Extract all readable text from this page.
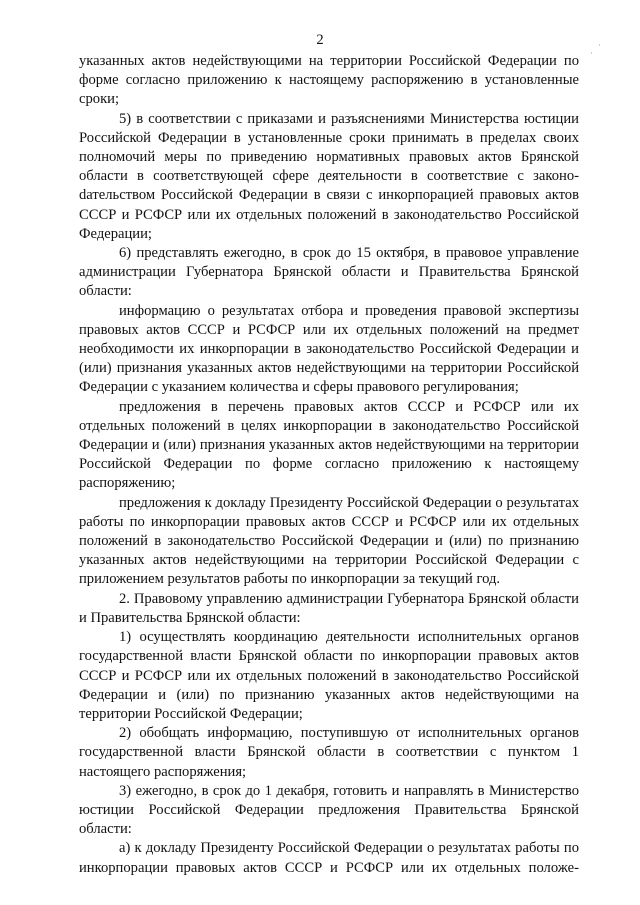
2	·
·

указанных актов недействующими на территории Российской Федерации по форме согласно приложению к настоящему распоряжению в установленные сроки;

5) в соответствии с приказами и разъяснениями Министерства юстиции Российской Федерации в установленные сроки принимать в пределах своих полномочий меры по приведению нормативных правовых актов Брянской области в соответствующей сфере деятельности в соответствие с законоdательством Российской Федерации в связи с инкорпорацией правовых актов СССР и РСФСР или их отдельных положений в законодательство Российской Федерации;

6) представлять ежегодно, в срок до 15 октября, в правовое управление администрации Губернатора Брянской области и Правительства Брянской области:

информацию о результатах отбора и проведения правовой экспертизы правовых актов СССР и РСФСР или их отдельных положений на предмет необходимости их инкорпорации в законодательство Российской Федерации и (или) признания указанных актов недействующими на территории Российской Федерации с указанием количества и сферы правового регулирования;

предложения в перечень правовых актов СССР и РСФСР или их отдельных положений в целях инкорпорации в законодательство Российской Федерации и (или) признания указанных актов недействующими на территории Российской Федерации по форме согласно приложению к настоящему распоряжению;

предложения к докладу Президенту Российской Федерации о результатах работы по инкорпорации правовых актов СССР и РСФСР или их отдельных положений в законодательство Российской Федерации и (или) по признанию указанных актов недействующими на территории Российской Федерации с приложением результатов работы по инкорпорации за текущий год.

2. Правовому управлению администрации Губернатора Брянской области и Правительства Брянской области:

1) осуществлять координацию деятельности исполнительных органов государственной власти Брянской области по инкорпорации правовых актов СССР и РСФСР или их отдельных положений в законодательство Российской Федерации и (или) по признанию указанных актов недействующими на территории Российской Федерации;

2) обобщать информацию, поступившую от исполнительных органов государственной власти Брянской области в соответствии с пунктом 1 настоящего распоряжения;

3) ежегодно, в срок до 1 декабря, готовить и направлять в Министерство юстиции Российской Федерации предложения Правительства Брянской области:

а) к докладу Президенту Российской Федерации о результатах работы по инкорпорации правовых актов СССР и РСФСР или их отдельных положе-
